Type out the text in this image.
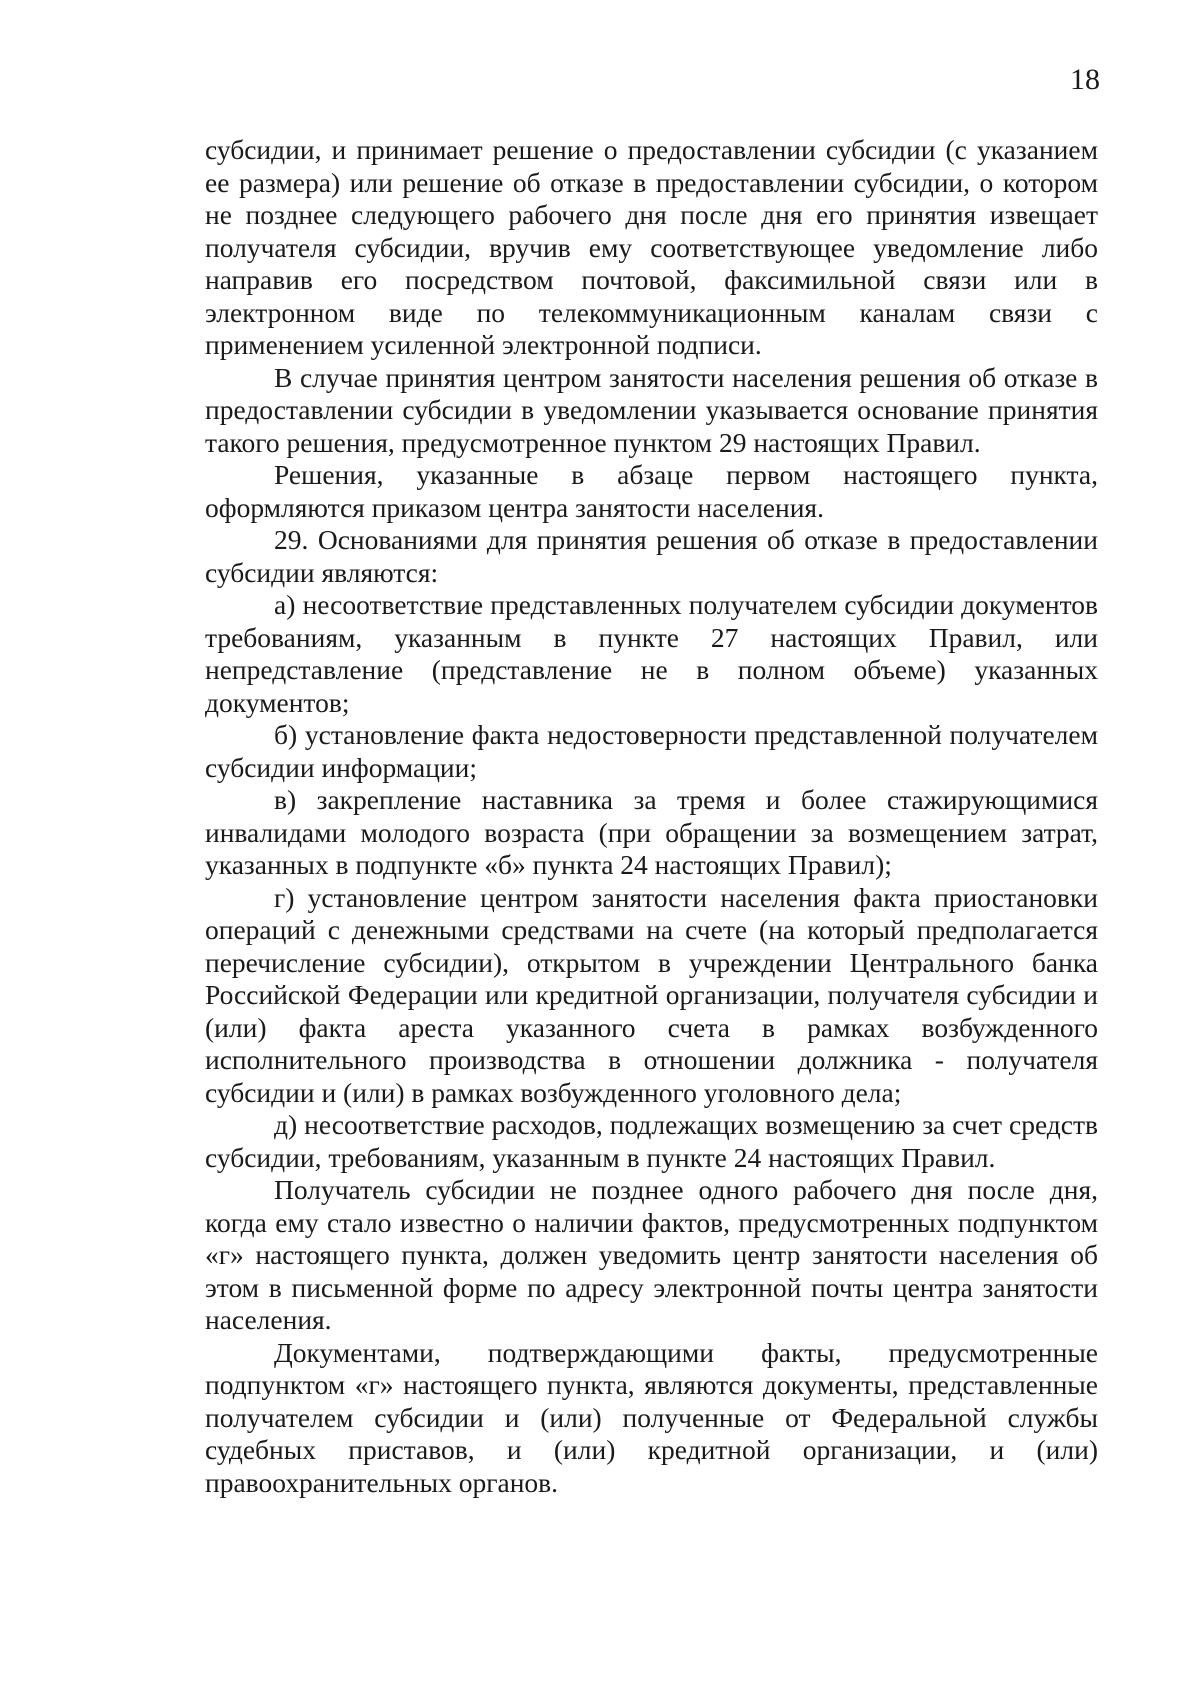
18

субсидии, и принимает решение о предоставлении субсидии (с указанием ее размера) или решение об отказе в предоставлении субсидии, о котором не позднее следующего рабочего дня после дня его принятия извещает получателя субсидии, вручив ему соответствующее уведомление либо направив его посредством почтовой, факсимильной связи или в электронном виде по телекоммуникационным каналам связи с применением усиленной электронной подписи.

В случае принятия центром занятости населения решения об отказе в предоставлении субсидии в уведомлении указывается основание принятия такого решения, предусмотренное пунктом 29 настоящих Правил.

Решения, указанные в абзаце первом настоящего пункта, оформляются приказом центра занятости населения.

29. Основаниями для принятия решения об отказе в предоставлении субсидии являются:

а) несоответствие представленных получателем субсидии документов требованиям, указанным в пункте 27 настоящих Правил, или непредставление (представление не в полном объеме) указанных документов;

б) установление факта недостоверности представленной получателем субсидии информации;

в) закрепление наставника за тремя и более стажирующимися инвалидами молодого возраста (при обращении за возмещением затрат, указанных в подпункте «б» пункта 24 настоящих Правил);

г) установление центром занятости населения факта приостановки операций с денежными средствами на счете (на который предполагается перечисление субсидии), открытом в учреждении Центрального банка Российской Федерации или кредитной организации, получателя субсидии и (или) факта ареста указанного счета в рамках возбужденного исполнительного производства в отношении должника - получателя субсидии и (или) в рамках возбужденного уголовного дела;

д) несоответствие расходов, подлежащих возмещению за счет средств субсидии, требованиям, указанным в пункте 24 настоящих Правил.

Получатель субсидии не позднее одного рабочего дня после дня, когда ему стало известно о наличии фактов, предусмотренных подпунктом «г» настоящего пункта, должен уведомить центр занятости населения об этом в письменной форме по адресу электронной почты центра занятости населения.

Документами, подтверждающими факты, предусмотренные подпунктом «г» настоящего пункта, являются документы, представленные получателем субсидии и (или) полученные от Федеральной службы судебных приставов, и (или) кредитной организации, и (или) правоохранительных органов.
